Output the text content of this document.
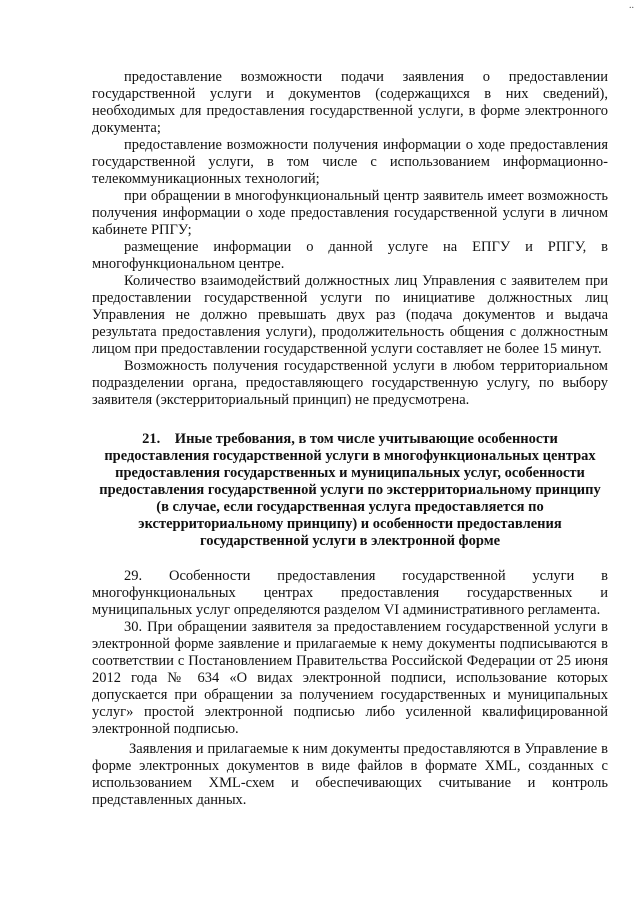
..

предоставление возможности подачи заявления о предоставлении государственной услуги и документов (содержащихся в них сведений), необходимых для предоставления государственной услуги, в форме электронного документа;

предоставление возможности получения информации о ходе предоставления государственной услуги, в том числе с использованием информационно-телекоммуникационных технологий;

при обращении в многофункциональный центр заявитель имеет возможность получения информации о ходе предоставления государственной услуги в личном кабинете РПГУ;

размещение информации о данной услуге на ЕПГУ и РПГУ, в многофункциональном центре.

Количество взаимодействий должностных лиц Управления с заявителем при предоставлении государственной услуги по инициативе должностных лиц Управления не должно превышать двух раз (подача документов и выдача результата предоставления услуги), продолжительность общения с должностным лицом при предоставлении государственной услуги составляет не более 15 минут.

Возможность получения государственной услуги в любом территориальном подразделении органа, предоставляющего государственную услугу, по выбору заявителя (экстерриториальный принцип) не предусмотрена.

21.    Иные требования, в том числе учитывающие особенности
предоставления государственной услуги в многофункциональных центрах
предоставления государственных и муниципальных услуг, особенности
предоставления государственной услуги по экстерриториальному принципу
(в случае, если государственная услуга предоставляется по
экстерриториальному принципу) и особенности предоставления
государственной услуги в электронной форме

29. Особенности предоставления государственной услуги в многофункциональных центрах предоставления государственных и муниципальных услуг определяются разделом VI административного регламента.

30. При обращении заявителя за предоставлением государственной услуги в электронной форме заявление и прилагаемые к нему документы подписываются в соответствии с Постановлением Правительства Российской Федерации от 25 июня 2012 года № 634 «О видах электронной подписи, использование которых допускается при обращении за получением государственных и муниципальных услуг» простой электронной подписью либо усиленной квалифицированной электронной подписью.

Заявления и прилагаемые к ним документы предоставляются в Управление в форме электронных документов в виде файлов в формате XML, созданных с использованием XML-схем и обеспечивающих считывание и контроль представленных данных.
